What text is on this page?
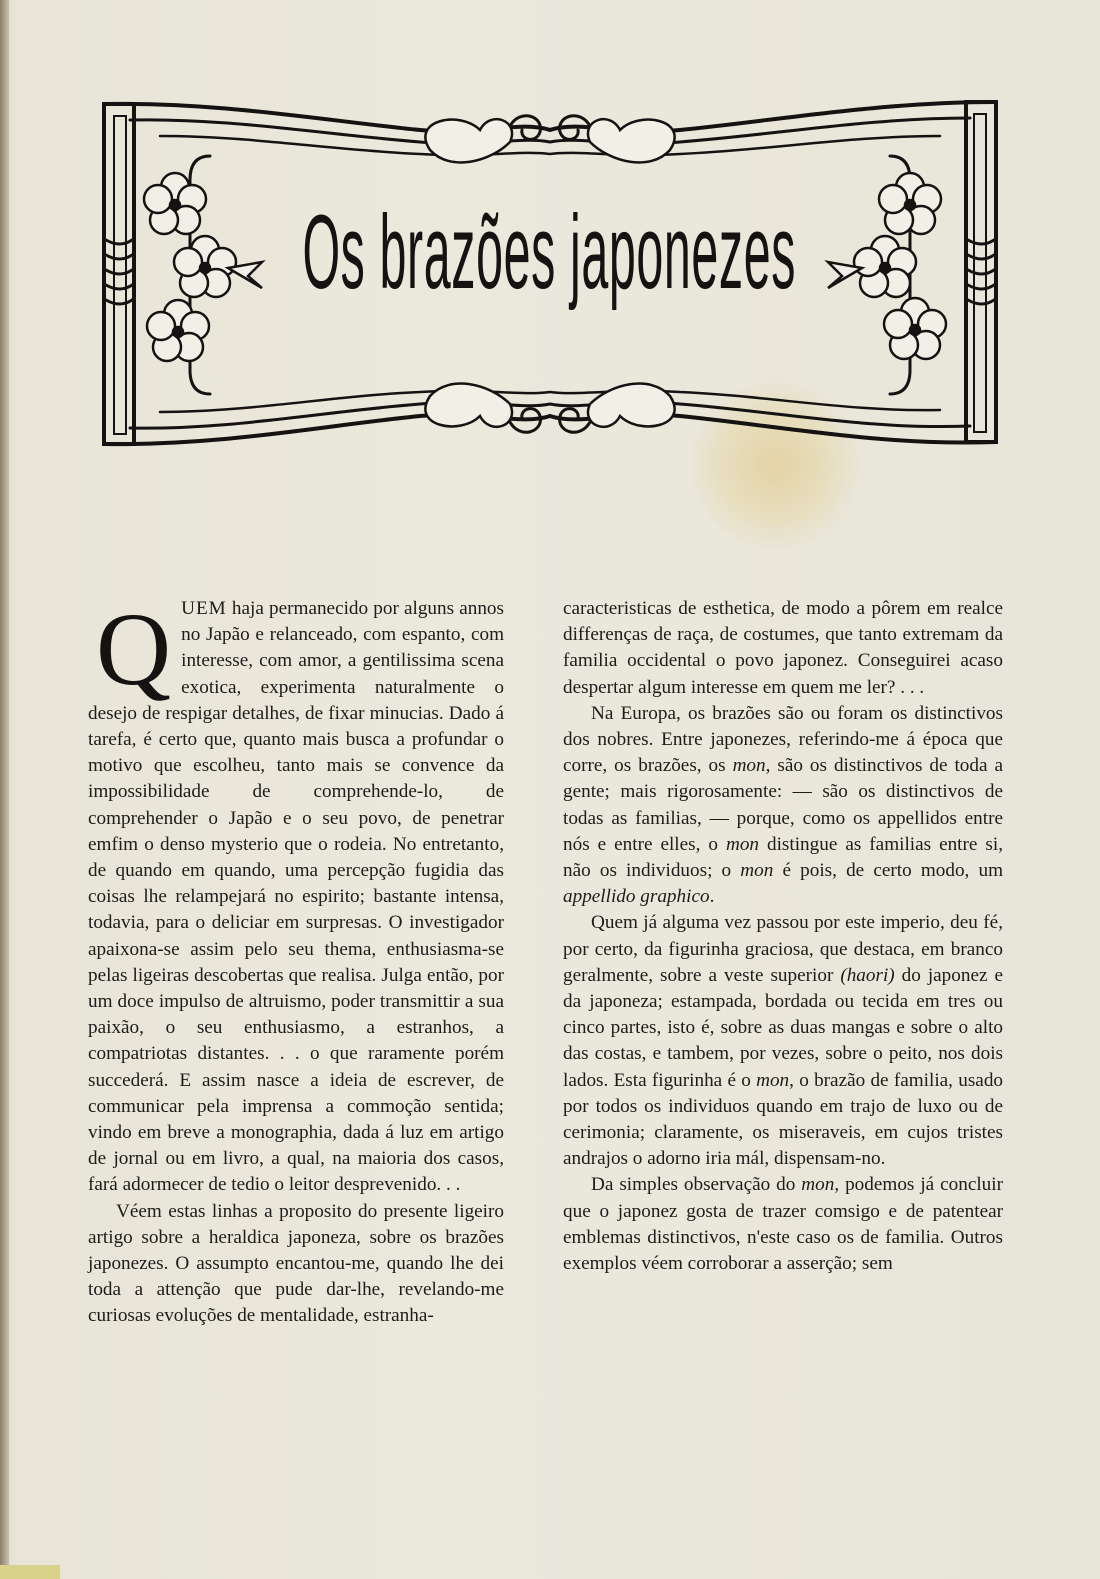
Os brazões japonezes

QUEM haja permanecido por alguns annos no Japão e relanceado, com espanto, com interesse, com amor, a gentilissima scena exotica, experimenta naturalmente o desejo de respigar detalhes, de fixar minucias. Dado á tarefa, é certo que, quanto mais busca a profundar o motivo que escolheu, tanto mais se convence da impossibilidade de comprehende-lo, de comprehender o Japão e o seu povo, de penetrar emfim o denso mysterio que o rodeia. No entretanto, de quando em quando, uma percepção fugidia das coisas lhe relampejará no espirito; bastante intensa, todavia, para o deliciar em surpresas. O investigador apaixona-se assim pelo seu thema, enthusiasma-se pelas ligeiras descobertas que realisa. Julga então, por um doce impulso de altruismo, poder transmittir a sua paixão, o seu enthusiasmo, a estranhos, a compatriotas distantes. . . o que raramente porém succederá. E assim nasce a ideia de escrever, de communicar pela imprensa a commoção sentida; vindo em breve a monographia, dada á luz em artigo de jornal ou em livro, a qual, na maioria dos casos, fará adormecer de tedio o leitor desprevenido. . .

Véem estas linhas a proposito do presente ligeiro artigo sobre a heraldica japoneza, sobre os brazões japonezes. O assumpto encantou-me, quando lhe dei toda a attenção que pude dar-lhe, revelando-me curiosas evoluções de mentalidade, estranha-

caracteristicas de esthetica, de modo a pôrem em realce differenças de raça, de costumes, que tanto extremam da familia occidental o povo japonez. Conseguirei acaso despertar algum interesse em quem me ler? . . .

Na Europa, os brazões são ou foram os distinctivos dos nobres. Entre japonezes, referindo-me á época que corre, os brazões, os mon, são os distinctivos de toda a gente; mais rigorosamente: — são os distinctivos de todas as familias, — porque, como os appellidos entre nós e entre elles, o mon distingue as familias entre si, não os individuos; o mon é pois, de certo modo, um appellido graphico.

Quem já alguma vez passou por este imperio, deu fé, por certo, da figurinha graciosa, que destaca, em branco geralmente, sobre a veste superior (haori) do japonez e da japoneza; estampada, bordada ou tecida em tres ou cinco partes, isto é, sobre as duas mangas e sobre o alto das costas, e tambem, por vezes, sobre o peito, nos dois lados. Esta figurinha é o mon, o brazão de familia, usado por todos os individuos quando em trajo de luxo ou de cerimonia; claramente, os miseraveis, em cujos tristes andrajos o adorno iria mál, dispensam-no.

Da simples observação do mon, podemos já concluir que o japonez gosta de trazer comsigo e de patentear emblemas distinctivos, n'este caso os de familia. Outros exemplos véem corroborar a asserção; sem
